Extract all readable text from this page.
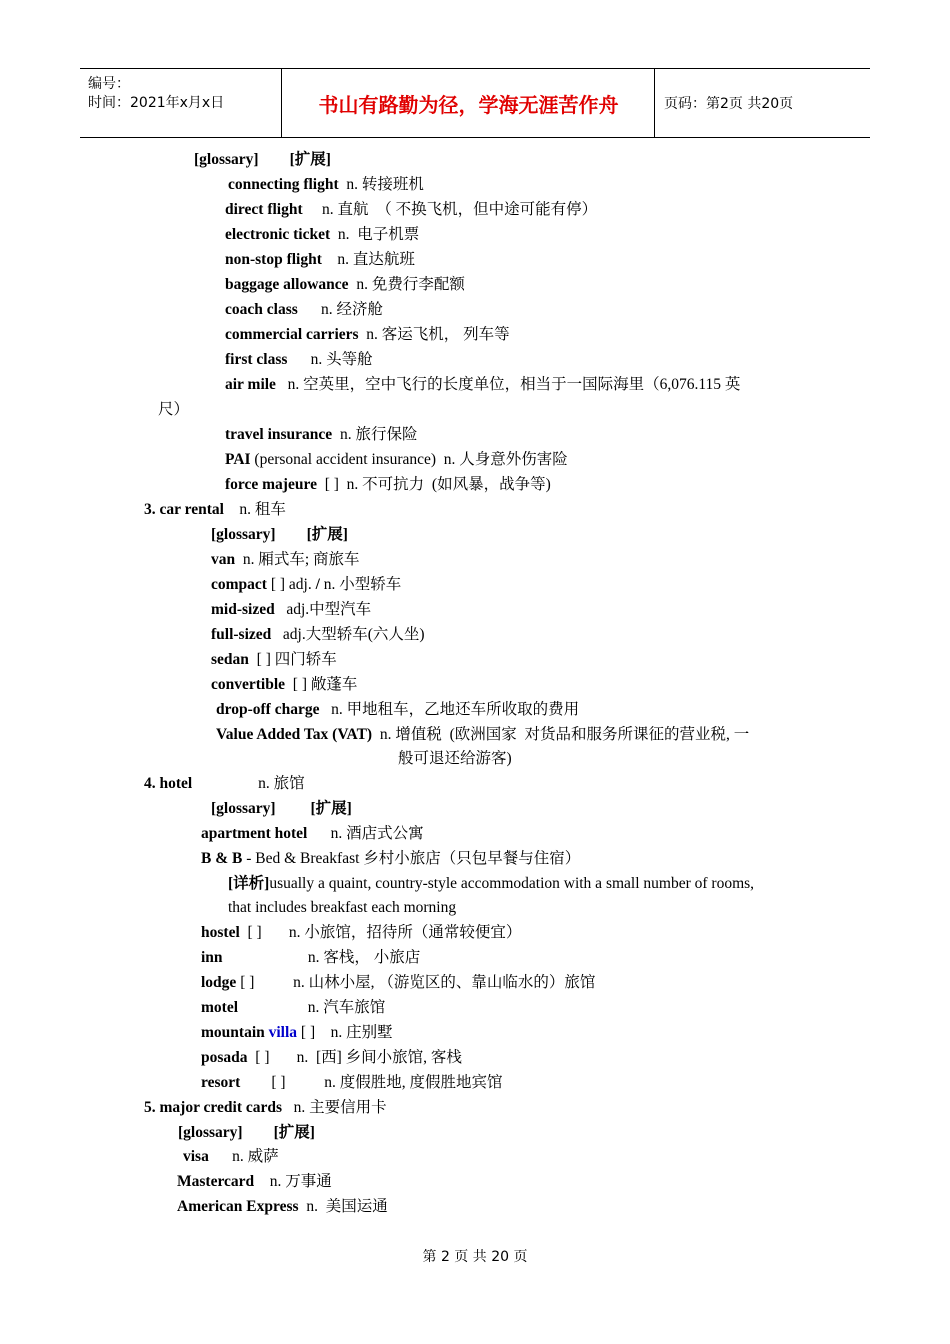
编号：
时间：2021年x月x日	书山有路勤为径，学海无涯苦作舟	页码：第2页 共20页
[glossary]        [扩展]
connecting flight  n. 转接班机
direct flight     n. 直航  （ 不换飞机，但中途可能有停）
electronic ticket  n.  电子机票
non-stop flight    n. 直达航班
baggage allowance  n. 免费行李配额
coach class      n. 经济舱
commercial carriers  n. 客运飞机， 列车等
first class      n. 头等舱
air mile   n. 空英里，空中飞行的长度单位，相当于一国际海里（6,076.115 英
尺）
travel insurance  n. 旅行保险
PAI (personal accident insurance)  n. 人身意外伤害险
force majeure  [ ]  n. 不可抗力  (如风暴，战争等)
3. car rental    n. 租车
[glossary]        [扩展]
van  n. 厢式车; 商旅车
compact [ ] adj. / n. 小型轿车
mid-sized   adj.中型汽车
full-sized   adj.大型轿车(六人坐)
sedan  [ ] 四门轿车
convertible  [ ] 敞蓬车
drop-off charge   n. 甲地租车，乙地还车所收取的费用
Value Added Tax (VAT)  n. 增值税  (欧洲国家  对货品和服务所课征的营业税, 一
般可退还给游客)
4. hotel                 n. 旅馆
[glossary]         [扩展]
apartment hotel      n. 酒店式公寓
B & B - Bed & Breakfast 乡村小旅店（只包早餐与住宿）
[详析]usually a quaint, country-style accommodation with a small number of rooms,
that includes breakfast each morning
hostel  [ ]       n. 小旅馆，招待所（通常较便宜）
inn                      n. 客栈， 小旅店
lodge [ ]          n. 山林小屋, （游览区的、靠山临水的）旅馆
motel                  n. 汽车旅馆
mountain villa [ ]    n. 庄别墅
posada  [ ]       n.  [西] 乡间小旅馆, 客栈
resort        [ ]          n. 度假胜地, 度假胜地宾馆
5. major credit cards   n. 主要信用卡
[glossary]        [扩展]
visa      n. 威萨
Mastercard    n. 万事通
American Express  n.  美国运通
第 2 页 共 20 页
